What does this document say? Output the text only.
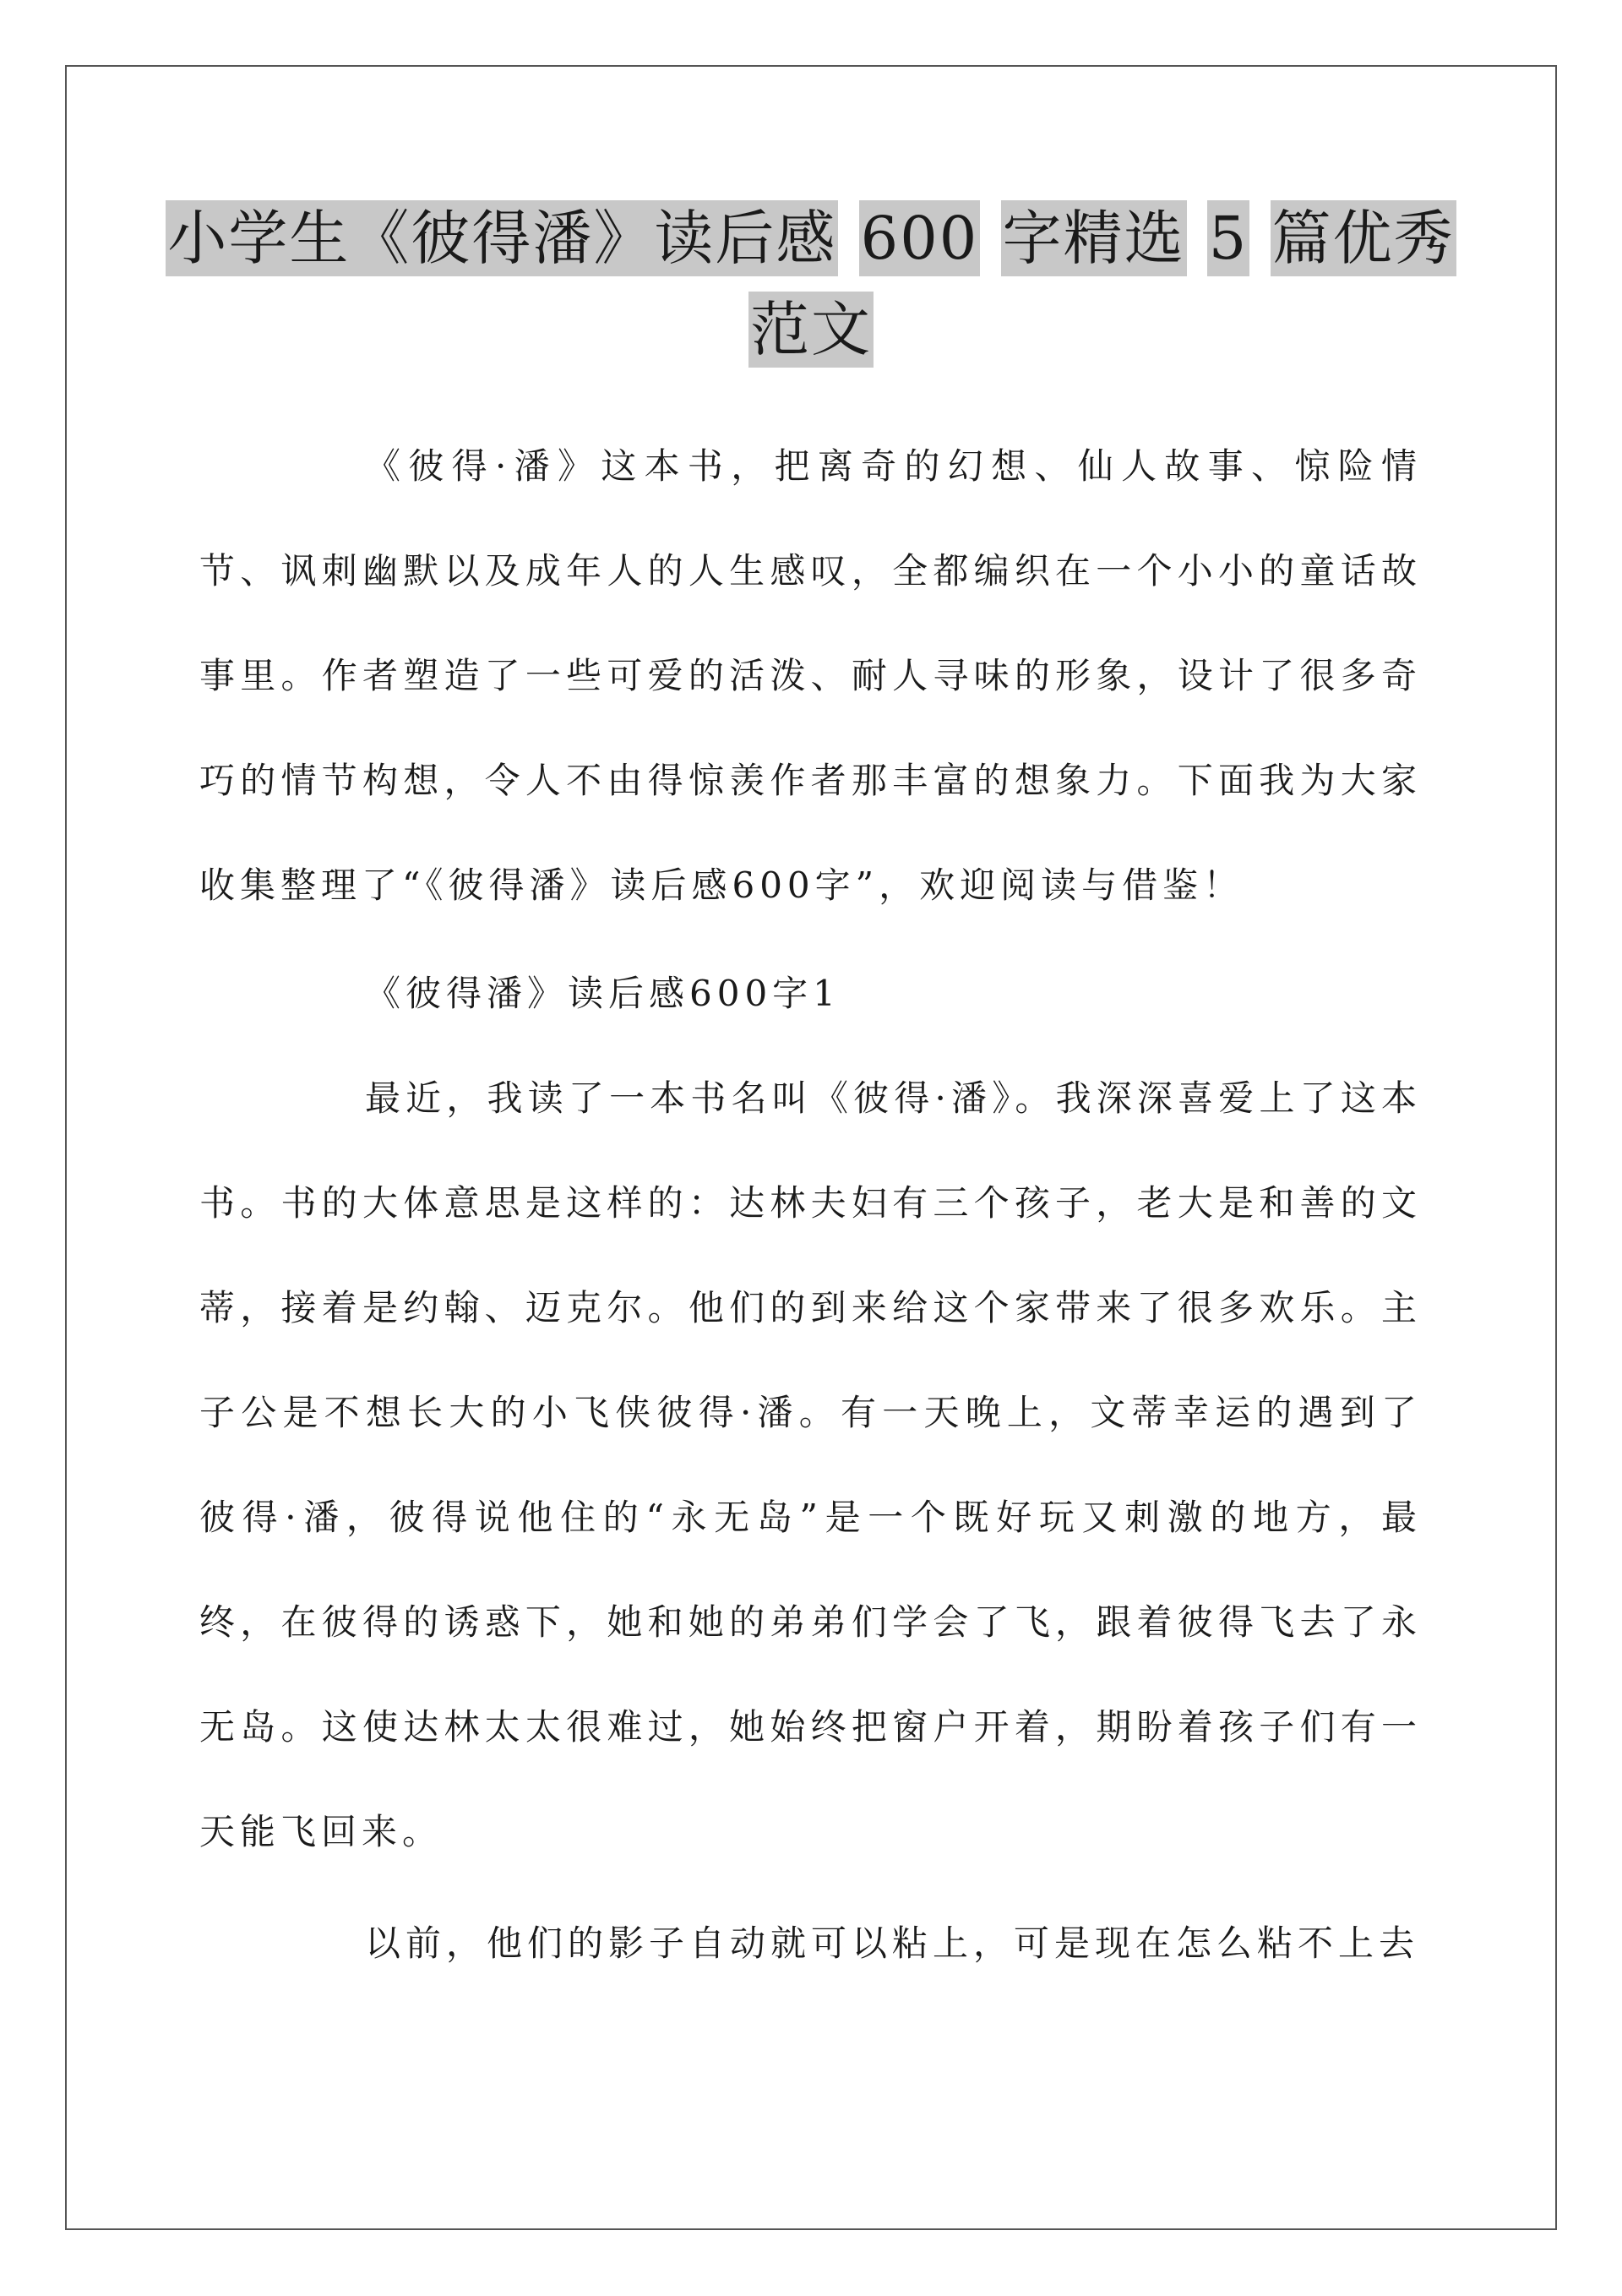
小学生《彼得潘》读后感 600 字精选 5 篇优秀
范文
《彼得·潘》这本书，把离奇的幻想、仙人故事、惊险情节、讽刺幽默以及成年人的人生感叹，全都编织在一个小小的童话故事里。作者塑造了一些可爱的活泼、耐人寻味的形象，设计了很多奇巧的情节构想，令人不由得惊羡作者那丰富的想象力。下面我为大家收集整理了“《彼得潘》读后感600字”，欢迎阅读与借鉴！
《彼得潘》读后感600字1
最近，我读了一本书名叫《彼得·潘》。我深深喜爱上了这本书。书的大体意思是这样的：达林夫妇有三个孩子，老大是和善的文蒂，接着是约翰、迈克尔。他们的到来给这个家带来了很多欢乐。主子公是不想长大的小飞侠彼得·潘。有一天晚上，文蒂幸运的遇到了彼得·潘，彼得说他住的“永无岛”是一个既好玩又刺激的地方，最终，在彼得的诱惑下，她和她的弟弟们学会了飞，跟着彼得飞去了永无岛。这使达林太太很难过，她始终把窗户开着，期盼着孩子们有一天能飞回来。
以前，他们的影子自动就可以粘上，可是现在怎么粘不上去
